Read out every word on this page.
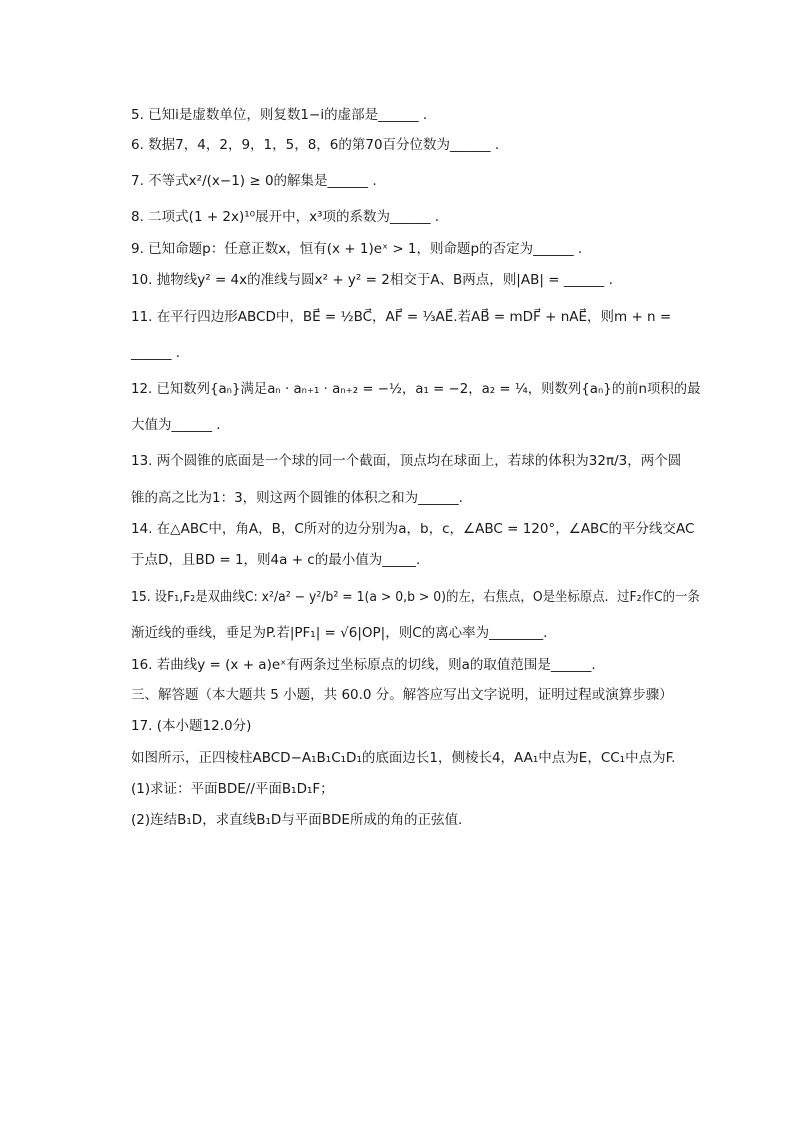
5. 已知i是虚数单位，则复数1−i的虚部是______ .
6. 数据7，4，2，9，1，5，8，6的第70百分位数为______ .
7. 不等式x²/(x−1) ≥ 0的解集是______ .
8. 二项式(1 + 2x)¹⁰展开中，x³项的系数为______ .
9. 已知命题p：任意正数x，恒有(x + 1)eˣ > 1，则命题p的否定为______ .
10. 抛物线y² = 4x的准线与圆x² + y² = 2相交于A、B两点，则|AB| = ______ .
11. 在平行四边形ABCD中，BE⃗ = ½BC⃗，AF⃗ = ⅓AE⃗.若AB⃗ = mDF⃗ + nAE⃗，则m + n =
______ .
12. 已知数列{aₙ}满足aₙ · aₙ₊₁ · aₙ₊₂ = −½，a₁ = −2，a₂ = ¼，则数列{aₙ}的前n项积的最
大值为______ .
13. 两个圆锥的底面是一个球的同一个截面，顶点均在球面上，若球的体积为32π/3，两个圆
锥的高之比为1：3，则这两个圆锥的体积之和为______.
14. 在△ABC中，角A，B，C所对的边分别为a，b，c，∠ABC = 120°，∠ABC的平分线交AC
于点D，且BD = 1，则4a + c的最小值为_____.
15. 设F₁,F₂是双曲线C: x²/a² − y²/b² = 1(a > 0,b > 0)的左，右焦点，O是坐标原点．过F₂作C的一条
渐近线的垂线，垂足为P.若|PF₁| = √6|OP|，则C的离心率为________.
16. 若曲线y = (x + a)eˣ有两条过坐标原点的切线，则a的取值范围是______.
三、解答题（本大题共 5 小题，共 60.0 分。解答应写出文字说明，证明过程或演算步骤）
17. (本小题12.0分)
如图所示，正四棱柱ABCD−A₁B₁C₁D₁的底面边长1，侧棱长4，AA₁中点为E，CC₁中点为F.
(1)求证：平面BDE//平面B₁D₁F；
(2)连结B₁D，求直线B₁D与平面BDE所成的角的正弦值.
